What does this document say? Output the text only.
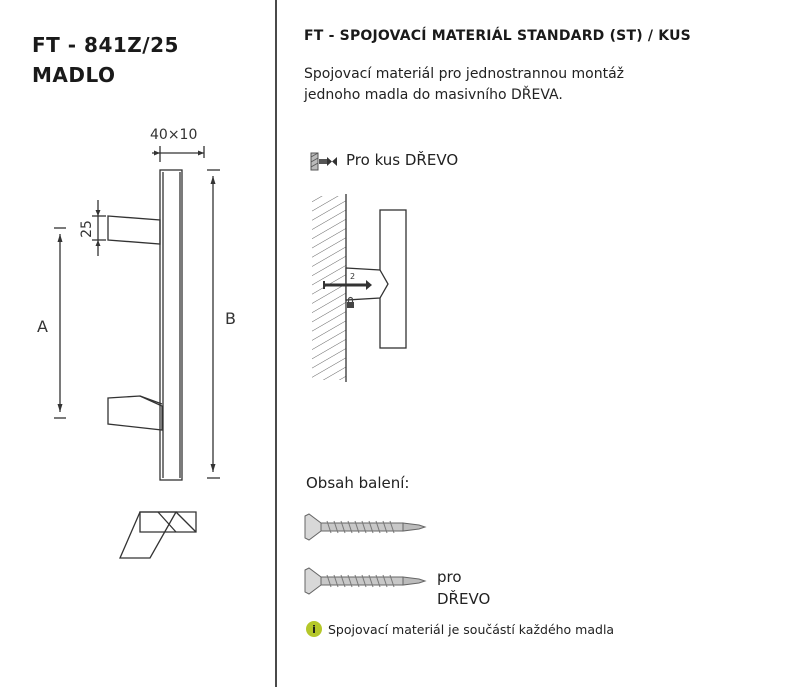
FT - 841Z/25
MADLO
40×10
25
A	B
FT - SPOJOVACÍ MATERIÁL STANDARD (ST) / KUS
Spojovací materiál pro jednostrannou montáž
jednoho madla do masivního DŘEVA.
Pro kus DŘEVO
2
Obsah balení:
pro
DŘEVO
i Spojovací materiál je součástí každého madla
